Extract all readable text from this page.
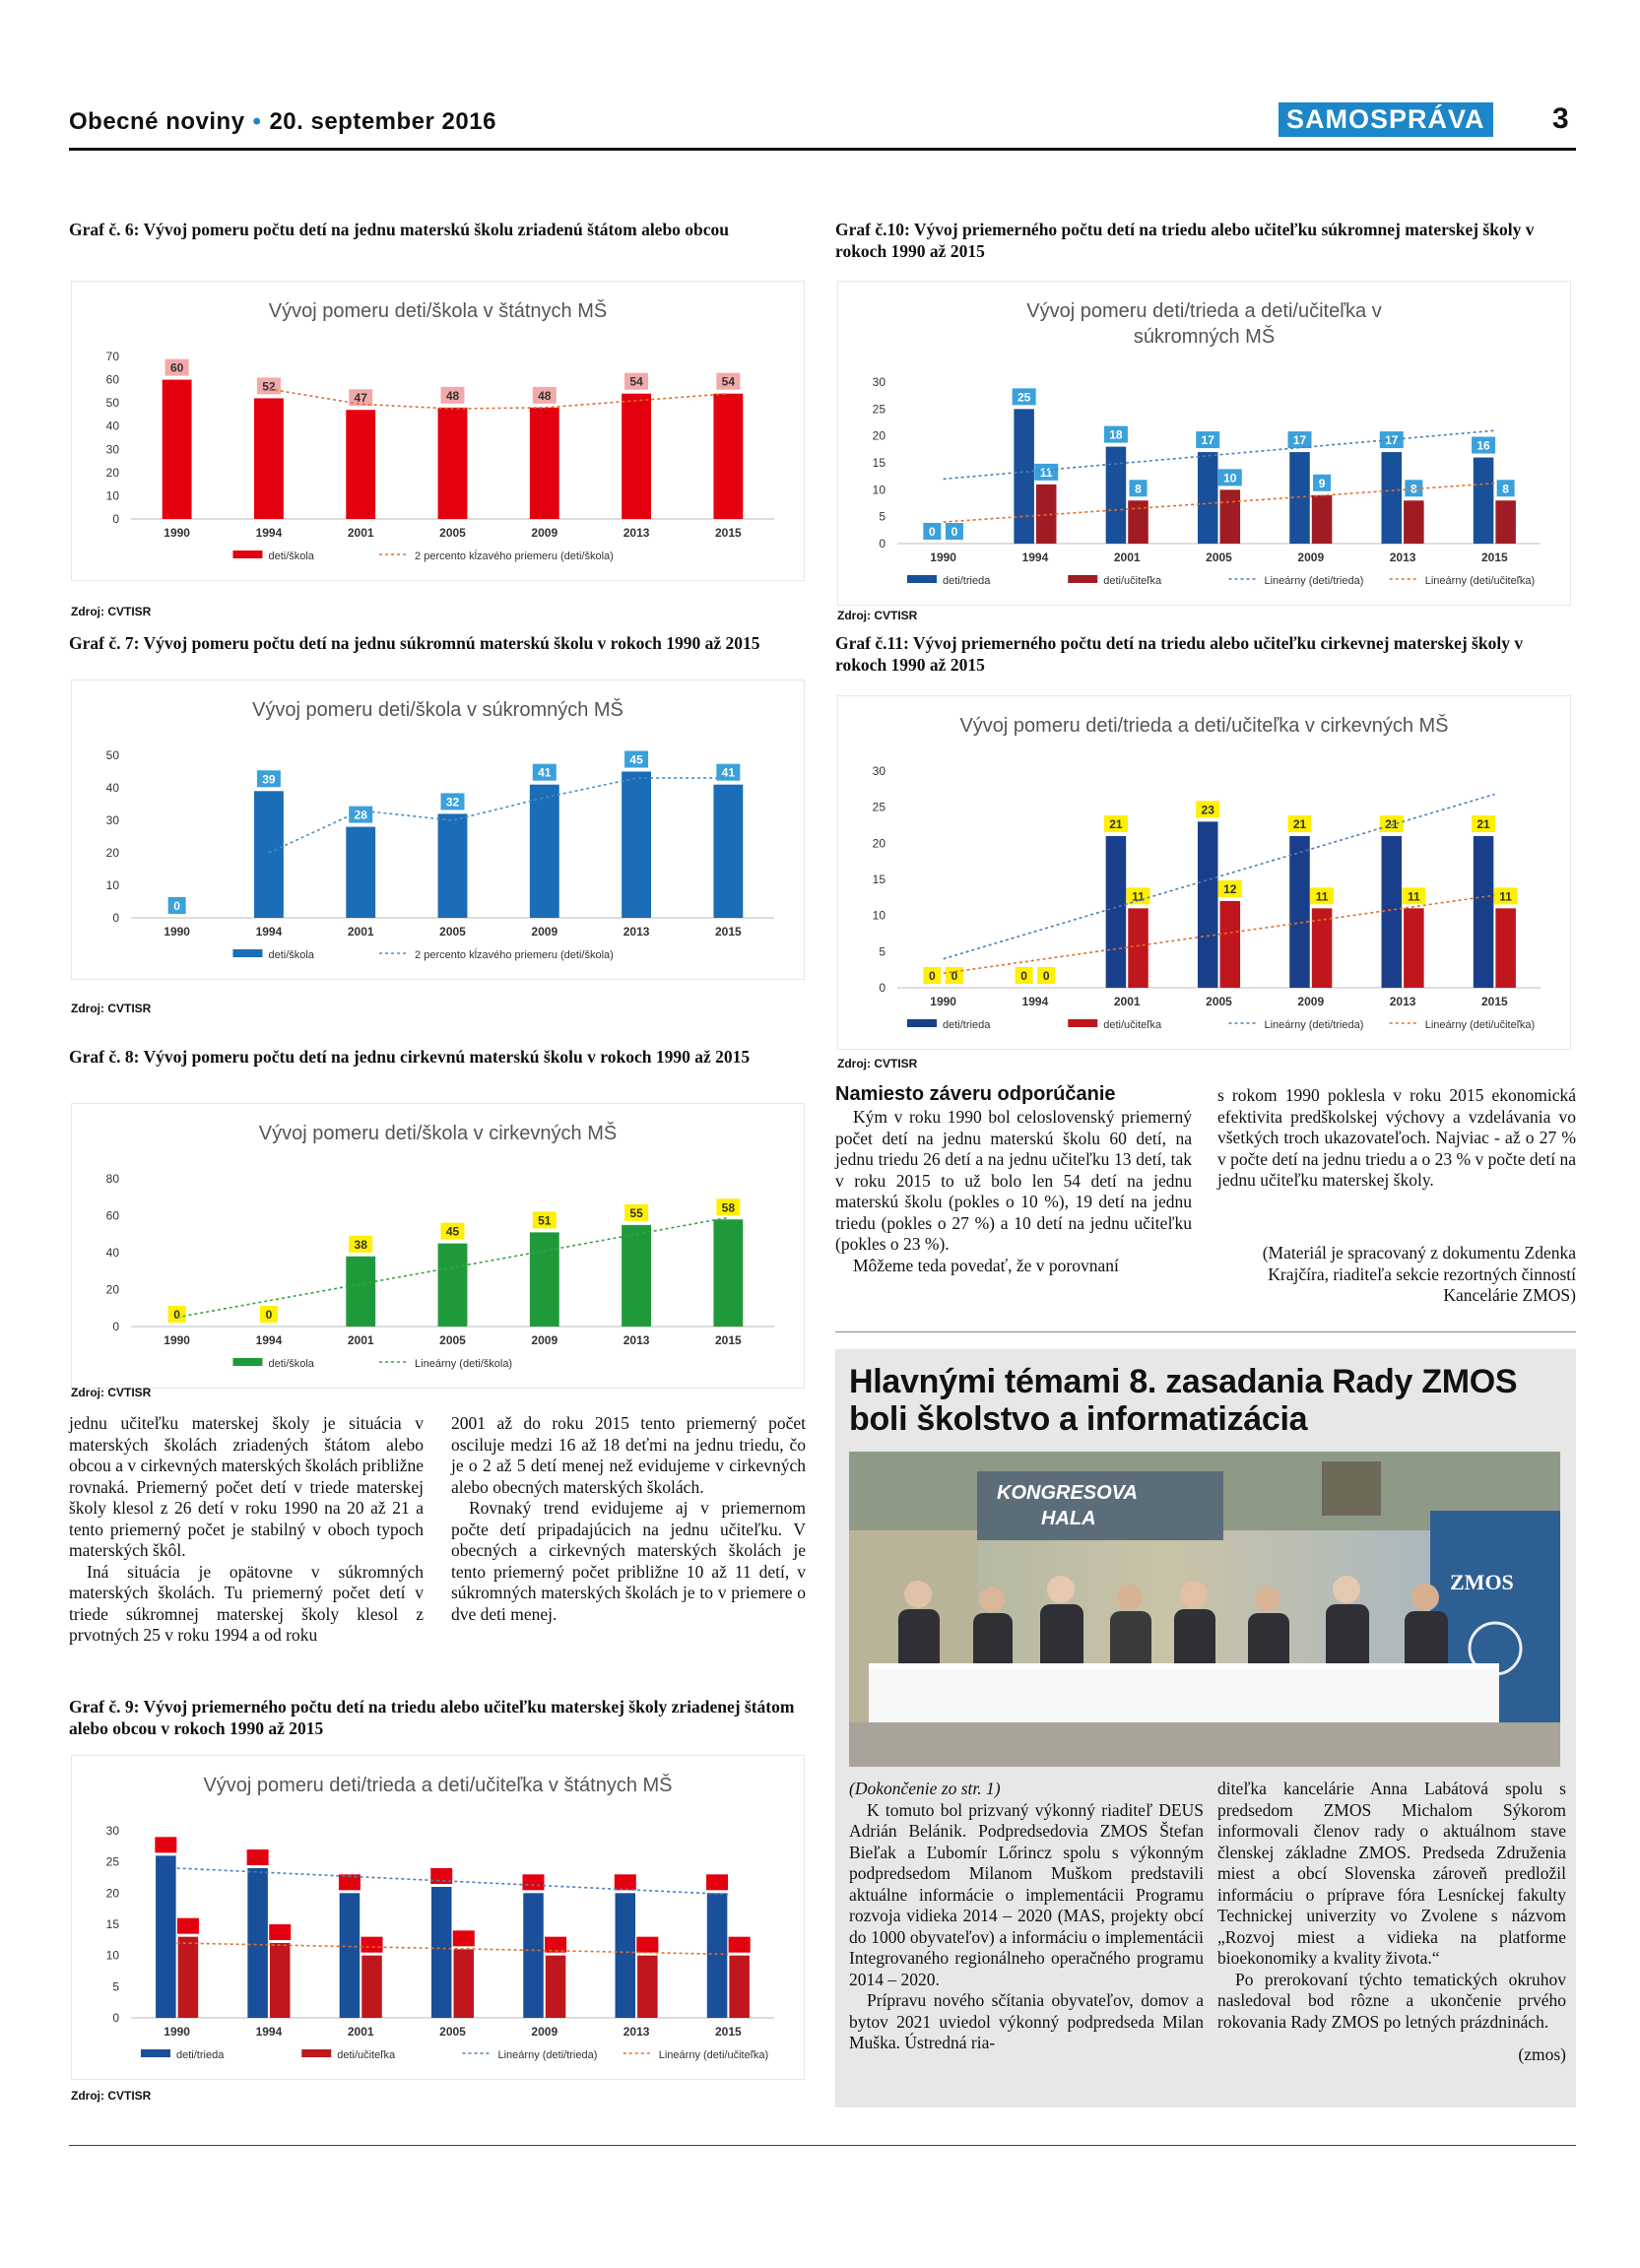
Obecné noviny • 20. september 2016	SAMOSPRÁVA 3
Graf č. 6: Vývoj pomeru počtu detí na jednu materskú školu zriadenú štátom alebo obcou
Vývoj pomeru deti/škola v štátnych MŠ
0
10
20
30
40
50
60
70
1990	1994	2001	2005	2009	2013	2015
60
52
47	48	48
54	54
deti/škola	2 percento kĺzavého priemeru (deti/škola)
Zdroj: CVTISR
Graf č. 7: Vývoj pomeru počtu detí na jednu súkromnú materskú školu v rokoch 1990 až 2015
Vývoj pomeru deti/škola v súkromných MŠ
0
10
20
30
40
50
1990	1994	2001	2005	2009	2013	2015
0
39
28
32
41
45
41
deti/škola	2 percento kĺzavého priemeru (deti/škola)
Zdroj: CVTISR
Graf č. 8: Vývoj pomeru počtu detí na jednu cirkevnú materskú školu v rokoch 1990 až 2015
Vývoj pomeru deti/škola v cirkevných MŠ
0
20
40
60
80
1990	1994	2001	2005	2009	2013	2015
0	0
38
45
51
55	58
deti/škola	Lineárny (deti/škola)
Zdroj: CVTISR

jednu učiteľku materskej školy je situácia v materských školách zriadených štátom alebo obcou a v cirkevných materských školách približne rovnaká. Priemerný počet detí v triede materskej školy klesol z 26 detí v roku 1990 na 20 až 21 a tento priemerný počet je stabilný v oboch typoch materských škôl.

Iná situácia je opätovne v súkromných materských školách. Tu priemerný počet detí v triede súkromnej materskej školy klesol z prvotných 25 v roku 1994 a od roku

2001 až do roku 2015 tento priemerný počet osciluje medzi 16 až 18 deťmi na jednu triedu, čo je o 2 až 5 detí menej než evidujeme v cirkevných alebo obecných materských školách.

Rovnaký trend evidujeme aj v priemernom počte detí pripadajúcich na jednu učiteľku. V obecných a cirkevných materských školách je tento priemerný počet približne 10 až 11 detí, v súkromných materských školách je to v priemere o dve deti menej.

Graf č. 9: Vývoj priemerného počtu detí na triedu alebo učiteľku materskej školy zriadenej štátom alebo obcou v rokoch 1990 až 2015
Vývoj pomeru deti/trieda a deti/učiteľka v štátnych MŠ
0
5
10
15
20
25
30
1990	1994	2001	2005	2009	2013	2015
deti/trieda	deti/učiteľka	Lineárny (deti/trieda)	Lineárny (deti/učiteľka)
Zdroj: CVTISR
Graf č.10: Vývoj priemerného počtu detí na triedu alebo učiteľku súkromnej materskej školy v rokoch 1990 až 2015
Vývoj pomeru deti/trieda a deti/učiteľka v
súkromných MŠ
0
5
10
15
20
25
30
1990	1994	2001	2005	2009	2013	2015
0
25
18	17	17	17	16
0
11
8
10	9	8	8
deti/trieda	deti/učiteľka	Lineárny (deti/trieda)	Lineárny (deti/učiteľka)
Zdroj: CVTISR
Graf č.11: Vývoj priemerného počtu detí na triedu alebo učiteľku cirkevnej materskej školy v rokoch 1990 až 2015
Vývoj pomeru deti/trieda a deti/učiteľka v cirkevných MŠ
0
5
10
15
20
25
30
1990	1994	2001	2005	2009	2013	2015
0	0
21
23
21	21	21
0	0
11
12
11	11	11
deti/trieda	deti/učiteľka	Lineárny (deti/trieda)	Lineárny (deti/učiteľka)
Zdroj: CVTISR
Namiesto záveru odporúčanie

Kým v roku 1990 bol celoslovenský priemerný počet detí na jednu materskú školu 60 detí, na jednu triedu 26 detí a na jednu učiteľku 13 detí, tak v roku 2015 to už bolo len 54 detí na jednu materskú školu (pokles o 10 %), 19 detí na jednu triedu (pokles o 27 %) a 10 detí na jednu učiteľku (pokles o 23 %).

Môžeme teda povedať, že v porovnaní

s rokom 1990 poklesla v roku 2015 ekonomická efektivita predškolskej výchovy a vzdelávania vo všetkých troch ukazovateľoch. Najviac - až o 27 % v počte detí na jednu triedu a o 23 % v počte detí na jednu učiteľku materskej školy.

(Materiál je spracovaný z dokumentu Zdenka Krajčíra, riaditeľa sekcie rezortných činností Kancelárie ZMOS)
Hlavnými témami 8. zasadania Rady ZMOS boli školstvo a informatizácia
KONGRESOVA
HALA
ZMOS

(Dokončenie zo str. 1)

K tomuto bol prizvaný výkonný riaditeľ DEUS Adrián Belánik. Podpredsedovia ZMOS Štefan Bieľak a Ľubomír Lőrincz spolu s výkonným podpredsedom Milanom Muškom predstavili aktuálne informácie o implementácii Programu rozvoja vidieka 2014 – 2020 (MAS, projekty obcí do 1000 obyvateľov) a informáciu o implementácii Integrovaného regionálneho operačného programu 2014 – 2020.

Prípravu nového sčítania obyvateľov, domov a bytov 2021 uviedol výkonný podpredseda Milan Muška. Ústredná ria-

diteľka kancelárie Anna Labátová spolu s predsedom ZMOS Michalom Sýkorom informovali členov rady o aktuálnom stave členskej základne ZMOS. Predseda Združenia miest a obcí Slovenska zároveň predložil informáciu o príprave fóra Lesníckej fakulty Technickej univerzity vo Zvolene s názvom „Rozvoj miest a vidieka na platforme bioekonomiky a kvality života.“

Po prerokovaní týchto tematických okruhov nasledoval bod rôzne a ukončenie prvého rokovania Rady ZMOS po letných prázdninách.

(zmos)
